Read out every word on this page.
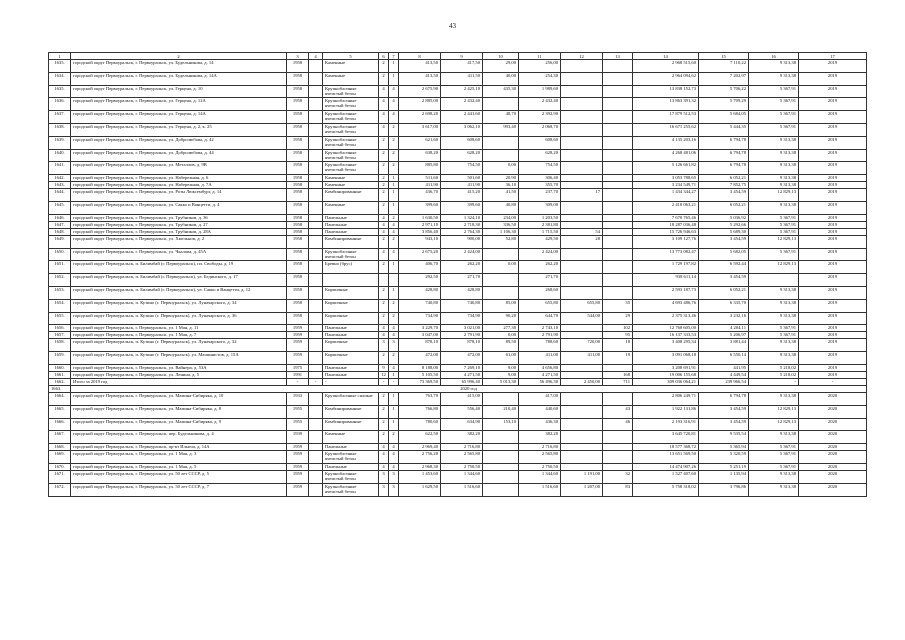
43
1	2	3	4	5	6	7	8	9	10	11	12	13	14	15	16	17
1635.	городской округ Первоуральск, г. Первоуральск, ул. Будельникова, д. 14	1958		Каменные	2	1	413,50	417,50	29,00	256,00			2 968 515,60	7 110,22	9 313,38	2019
1634.	городской округ Первоуральск, г. Первоуральск, ул. Будельникова, д. 14А	1958		Каменные	2	1	413,50	411,50	40,00	254,30			2 964 094,62	7 202,97	9 313,38	2019
1635.	городской округ Первоуральск, г. Первоуральск, ул. Герцена, д. 10	1958		Крупноблочные ячеистый бетон	4	4	2 675,90	2 425,10	435,30	1 989,60			13 838 152,73	5 706,22	5 367,91	2019
1636.	городской округ Первоуральск, г. Первоуральск, ул. Герцена, д. 12А	1958		Крупноблочные ячеистый бетон	4	4	2 885,00	2 432,40		2 432,40			13 863 391,32	5 709,29	5 367,91	2019
1637.	городской округ Первоуральск, г. Первоуральск, ул. Герцена, д. 14А	1958		Крупноблочные ячеистый бетон	4	4	2 698,20	2 441,60	48,70	2 392,90			17 879 512,53	5 684,05	5 367,91	2019
1638.	городской округ Первоуральск, г. Первоуральск, ул. Герцена, д. 2, к. 25	1958		Крупноблочные ячеистый бетон	4	2	3 617,00	3 062,10	993,40	2 068,70			16 671 255,62	5 444,35	5 367,91	2019
1639.	городской округ Первоуральск, г. Первоуральск, ул. Добролюбова, д. 42	1958		Крупноблочные ячеистый бетон	2	2	621,60	608,60		608,60			4 135 203,16	6 794,78	9 313,38	2019
1640.	городской округ Первоуральск, г. Первоуральск, ул. Добролюбова, д. 44	1958		Крупноблочные ячеистый бетон	2	2	638,20	628,20		628,20			4 268 481,06	6 794,78	9 313,38	2019
1641.	городской округ Первоуральск, г. Первоуральск, ул. Металлов, д. 9В	1958		Крупноблочные ячеистый бетон	2	2	885,80	754,50	0,00	754,50			5 126 661,82	6 794,78	9 313,38	2019
1642.	городской округ Первоуральск, г. Первоуральск, ул. Набережная, д. 6	1958		Каменные	2	1	511,60	501,60	20,90	306,40			3 053 788,65	6 052,21	9 313,38	2019
1643.	городской округ Первоуральск, г. Первоуральск, ул. Набережная, д. 7А	1958		Каменные	2	1	411,90	411,90	36,10	355,70			3 234 549,71	7 852,75	9 313,38	2019
1644.	городской округ Первоуральск, г. Первоуральск, ул. Розы Люксембург, д. 14	1958		Комбинированные	2	1	436,70	415,20	41,50	237,70	17		1 434 344,27	3 454,59	12 829,13	2019
1645.	городской округ Первоуральск, г. Первоуральск, ул. Сакко и Ванцетти, д. 4	1958		Каменные	2	1	399,60	399,60	40,80	309,00			2 418 063,21	6 052,21	9 313,38	2019
1646.	городской округ Первоуральск, г. Первоуральск, ул. Трубников, д. 36	1958		Панельные	4	2	1 630,50	1 324,10	234,00	1 203,50			7 670 765,46	5 036,92	5 367,91	2019
1647.	городской округ Первоуральск, г. Первоуральск, ул. Трубников, д. 27	1958		Панельные	4	4	2 971,10	2 718,30	336,50	2 381,80			18 287 036,48	5 292,66	5 367,91	2019
1648.	городской округ Первоуральск, г. Первоуральск, ул. Трубников, д. 28А	1958		Панельные	4	4	3 856,40	2 764,30	1 106,30	1 715,50	54		15 726 946,63	5 689,30	5 367,91	2019
1649.	городской округ Первоуральск, г. Первоуральск, ул. Хмельнов, д. 2	1958		Комбинированные	2	2	943,10	900,00	52,80	429,50	28		3 109 127,76	3 454,59	12 829,13	2019
1650.	городской округ Первоуральск, г. Первоуральск, ул. Чкалова, д. 45А	1958		Крупноблочные ячеистый бетон	4	4	2 675,20	2 424,00		2 424,00			13 773 082,47	5 682,05	5 367,91	2019
1651.	городской округ Первоуральск, п. Билимбай (г. Первоуральск), пл. Свободы, д. 19	1958		Бревно (брус)	2	1	406,70	262,20	0,00	262,20			1 729 197,82	6 592,44	12 829,13	2019
1652.	городской округ Первоуральск, п. Билимбай (г. Первоуральск), ул. Бединского, д. 17	1958					292,50	271,70		271,70			938 611,14	3 454,59		2019
1653.	городской округ Первоуральск, п. Билимбай (г. Первоуральск), ул. Сакко и Ванцетти, д. 12	1958		Кирпичные	2	1	428,80	428,80		268,60			2 593 187,73	6 052,21	9 313,38	2019
1654.	городской округ Первоуральск, п. Кузино (г. Первоуральск), ул. Луначарского, д. 34	1958		Кирпичные	2	2	740,80	740,80	85,00	655,80	655,80	35	4 693 486,76	6 335,70	9 313,38	2019
1655.	городской округ Первоуральск, п. Кузино (г. Первоуральск), ул. Луначарского, д. 36	1958		Кирпичные	2	2	734,90	734,90	90,20	644,70	544,00	29	2 375 313,46	3 232,16	9 313,38	2019
1656.	городской округ Первоуральск, г. Первоуральск, ул. 1 Мая, д. 11	1959		Панельные	4	4	3 229,70	3 021,00	277,30	2 743,10		102	12 760 605,00	4 204,11	5 367,91	2019
1657.	городской округ Первоуральск, г. Первоуральск, ул. 1 Мая, д. 7	1959		Панельные	4	4	3 047,00	2 791,90	0,00	2 791,90		95	16 137 333,53	5 206,97	5 367,91	2019
1658.	городской округ Первоуральск, п. Кузино (г. Первоуральск), ул. Луначарского, д. 32	1959		Кирпичные	3	3	878,10	878,10	89,50	788,60	720,00	18	3 408 295,34	3 881,44	9 313,38	2019
1659.	городской округ Первоуральск, п. Кузино (г. Первоуральск), ул. Машинистов, д. 15А	1959		Кирпичные	2	2	472,00	472,00	61,00	411,00	411,00	19	3 091 068,18	6 550,14	9 313,38	2019
1660.	городской округ Первоуральск, г. Первоуральск, ул. Вайнера, д. 53А	1975		Панельные	9	4	8 188,00	7 269,10	9,00	4 656,80			3 208 691,91	441,95	5 218,02	2019
1661.	городской округ Первоуральск, г. Первоуральск, ул. Ленина, д. 5	1991		Панельные	12	1	5 105,50	4 271,50	9,00	4 271,50		168	19 006 155,68	4 449,54	5 218,02	2019
1662.	Итого за 2019 год	-	-	-	-	-	73 369,50	65 996,40	5 013,30	56 496,30	2 450,00	711	309 036 064,21	239 966,54	-	-
1663.	2020 год															
1664.	городской округ Первоуральск, г. Первоуральск, ул. Мамина-Сибиряка, д. 10	1933		Крупноблочные силикат	2	1	763,70	415,00		417,00			2 806 249,71	6 794,78	9 313,38	2020
1665.	городской округ Первоуральск, г. Первоуральск, ул. Мамина-Сибиряка, д. 8	1955		Комбинированные	2	1	766,80	556,40	210,40	440,60		43	1 922 131,86	3 454,59	12 829,13	2020
1666.	городской округ Первоуральск, г. Первоуральск, ул. Мамина-Сибиряка, д. 9	1955		Комбинированные	2	1	780,60	634,90	153,10	436,30		46	2 193 316,91	3 454,59	12 829,13	2020
1667.	городской округ Первоуральск, г. Первоуральск, пер. Будельникова, д. 4	1939		Каменные	2	2	622,50	382,20		382,20			3 645 720,81	9 535,54	9 313,38	2020
1668.	городской округ Первоуральск, г. Первоуральск, пр-кт Ильича, д. 14А	1959		Панельные	4	4	2 969,40	2 716,80		2 716,80			18 577 368,72	5 365,94	5 367,91	2020
1669.	городской округ Первоуральск, г. Первоуральск, ул. 1 Мая, д. 3	1959		Крупноблочные ячеистый бетон	4	4	2 756,20	2 565,80		2 565,80			13 651 569,50	5 320,59	5 367,91	2020
1670.	городской округ Первоуральск, г. Первоуральск, ул. 1 Мая, д. 5	1959		Панельные	4	4	2 968,30	2 750,50		2 750,50			14 474 907,26	5 251,19	5 367,91	2020
1671.	городской округ Первоуральск, г. Первоуральск, ул. 50 лет СССР, д. 5	1959		Крупноблочные ячеистый бетон	3	3	1 453,60	1 344,60		1 344,60	1 191,00	32	1 527 407,60	1 135,94	9 313,38	2020
1672.	городской округ Первоуральск, г. Первоуральск, ул. 50 лет СССР, д. 7	1959		Крупноблочные ячеистый бетон	3	3	1 629,50	1 516,60		1 516,60	1 207,00	83	5 758 318,02	3 796,86	9 313,38	2020
